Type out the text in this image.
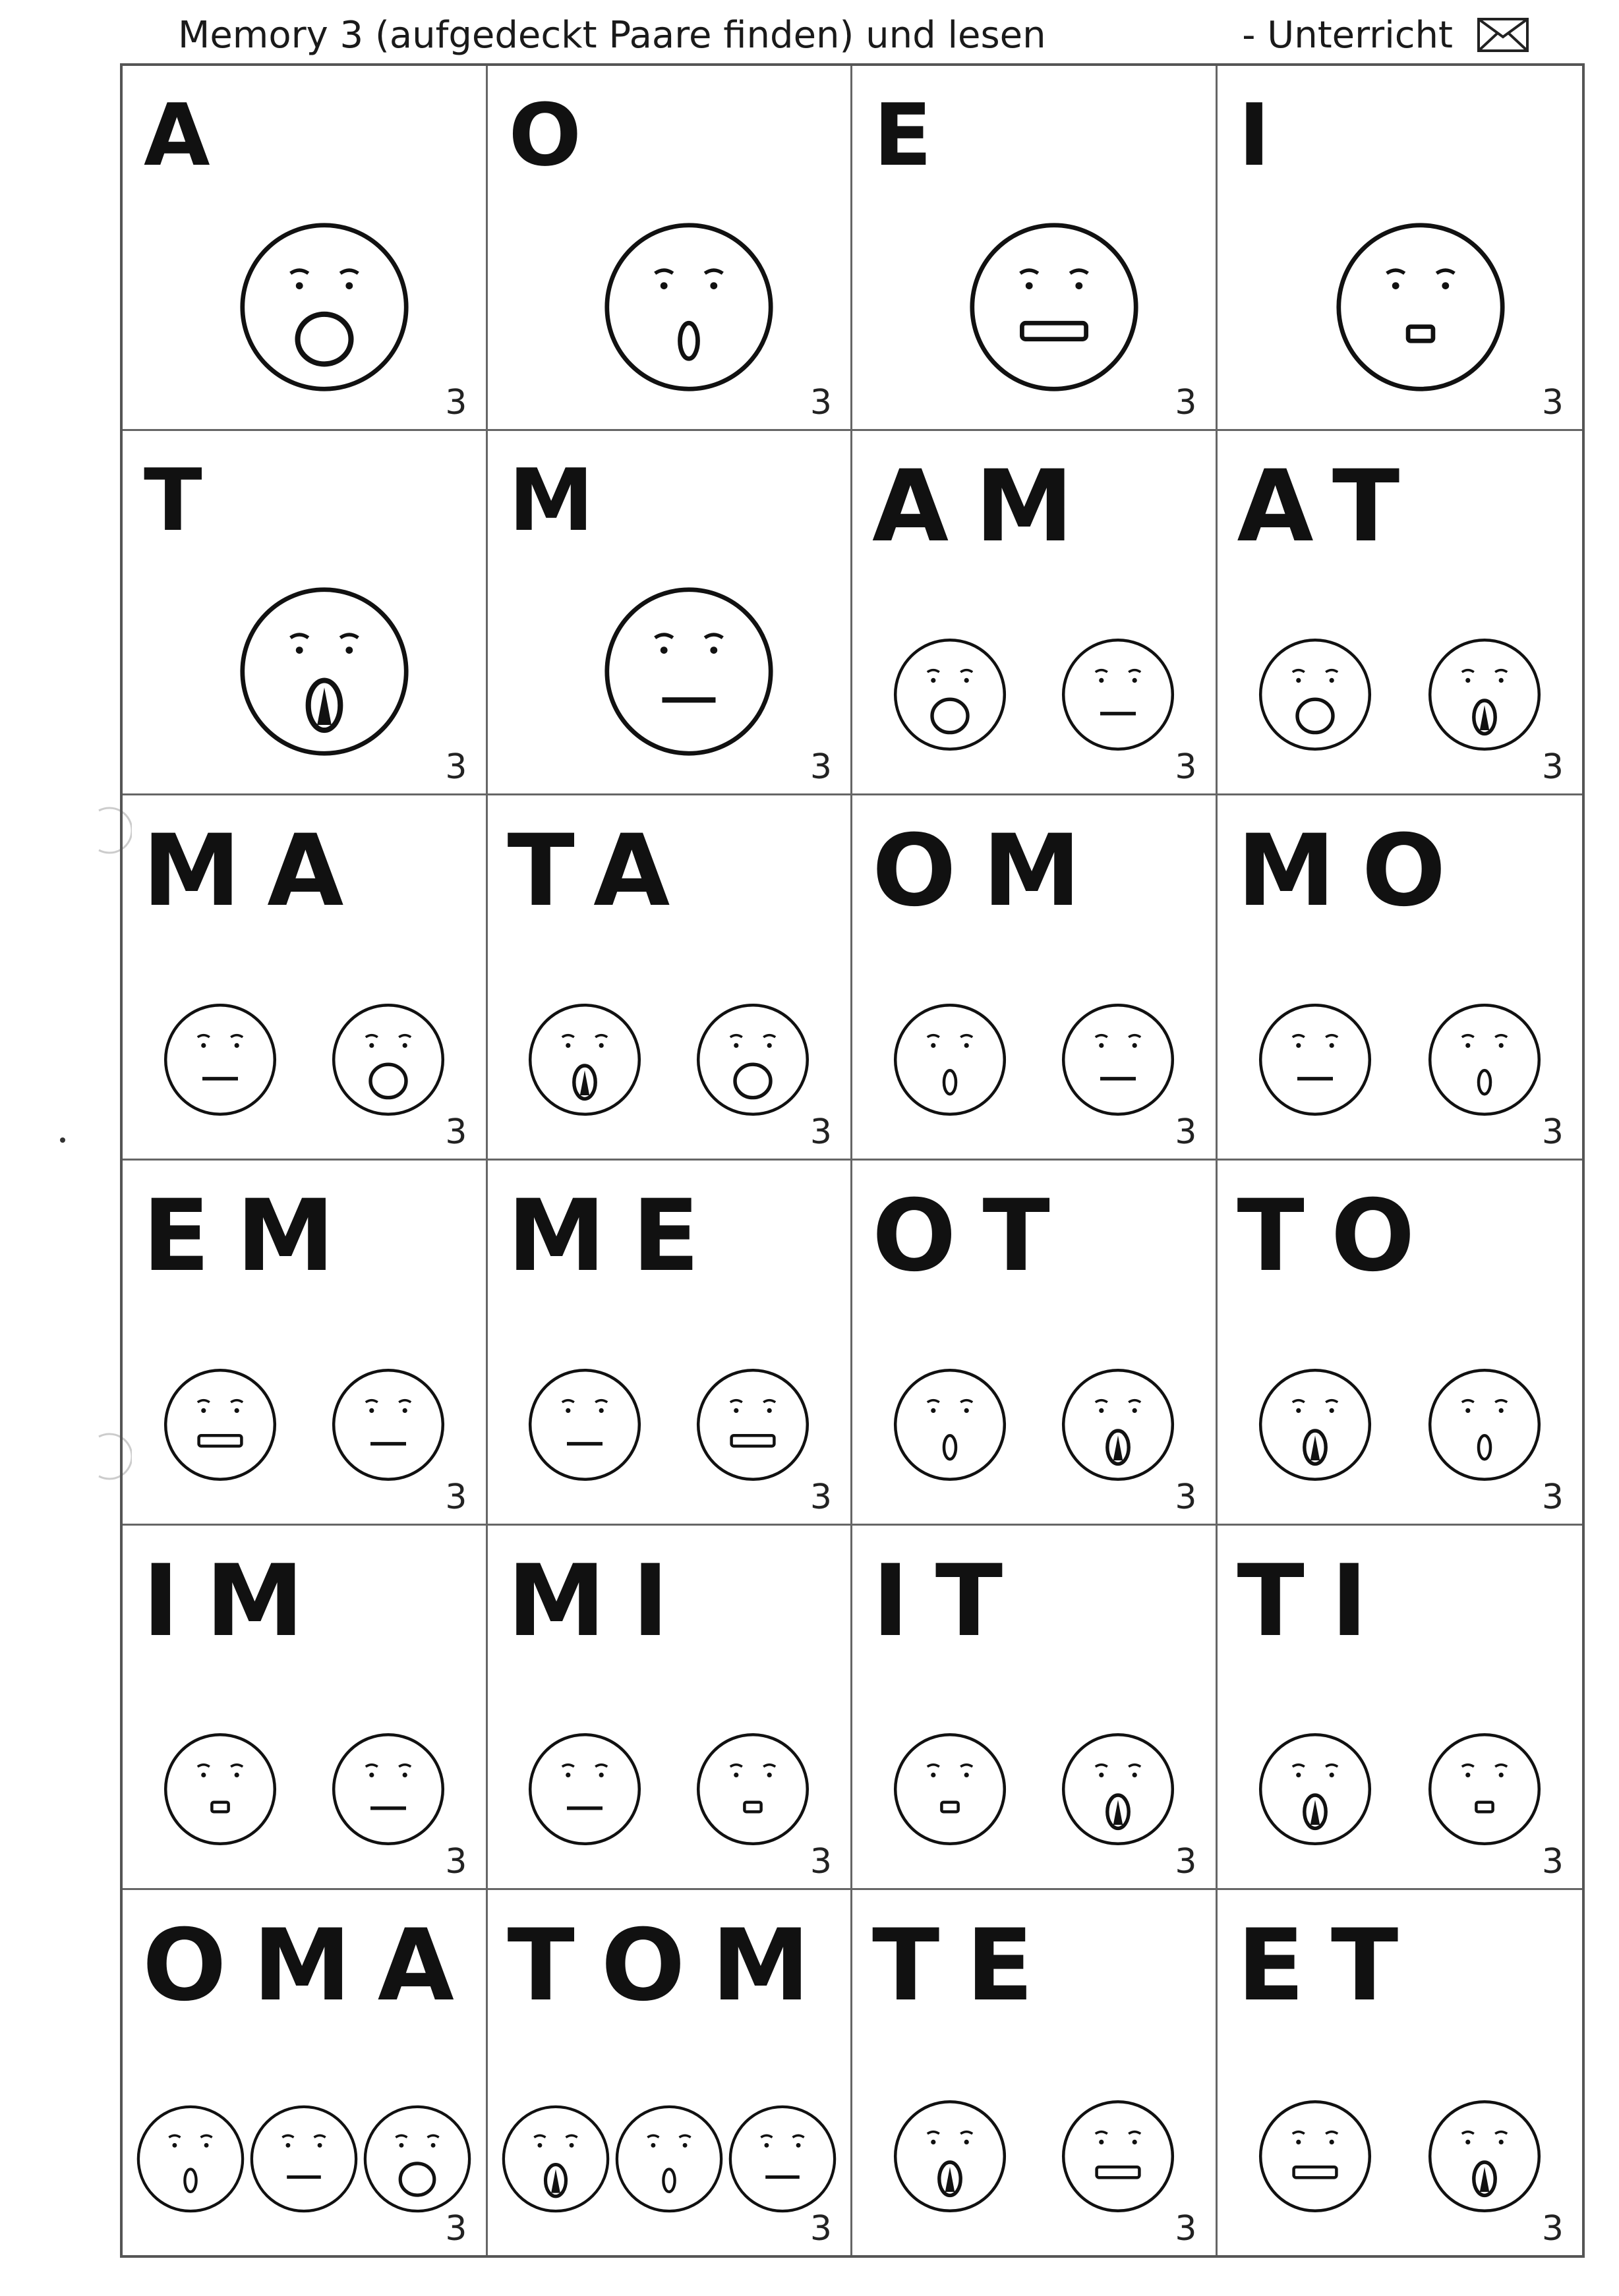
Memory 3 (aufgedeckt Paare finden) und lesen	- Unterricht
A
3
O
3
E
3
I
3
T
3
M
3
AM
3
AT
3
MA
3
TA
3
OM
3
MO
3
EM
3
ME
3
OT
3
TO
3
IM
3
MI
3
IT
3
TI
3
OMA
3
TOM
3
TE
3
ET
3
